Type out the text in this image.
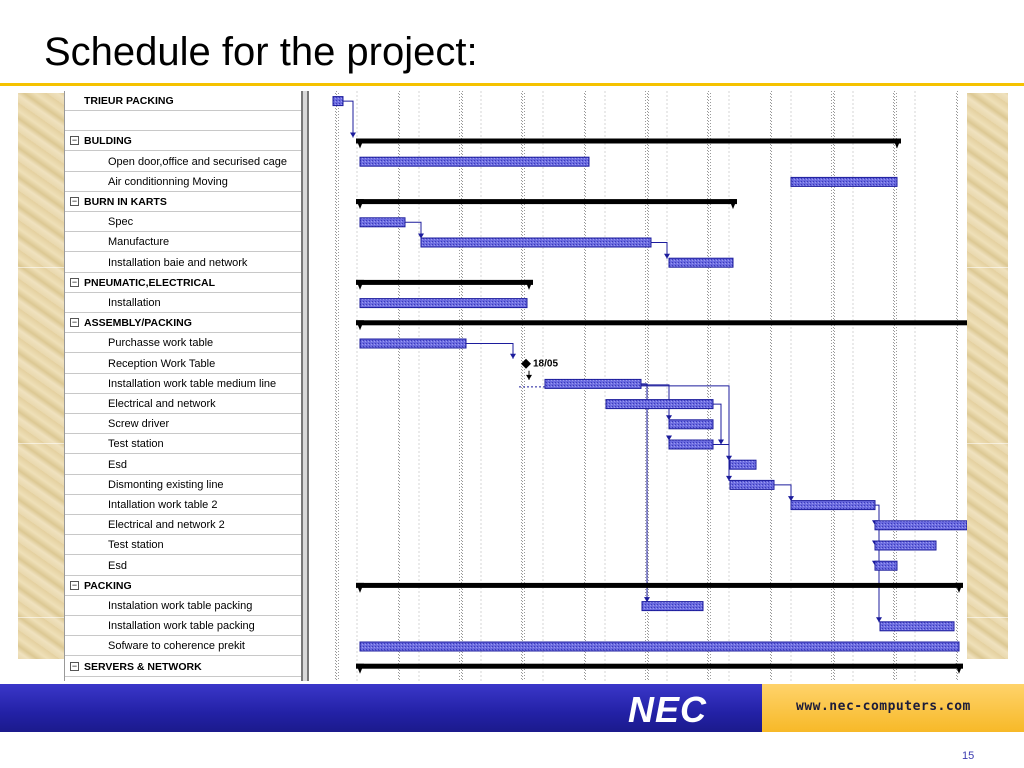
Schedule for the project:
TRIEUR PACKING
− BULDING
Open door,office and securised cage
Air conditionning Moving
− BURN IN KARTS
Spec
Manufacture
Installation baie and network
− PNEUMATIC,ELECTRICAL
Installation
− ASSEMBLY/PACKING
Purchasse work table
Reception Work Table
Installation work table medium line
Electrical and network
Screw driver
Test station
Esd
Dismonting existing line
Intallation work table 2
Electrical and network 2
Test station
Esd
− PACKING
Instalation work table packing
Installation work table packing
Sofware to coherence prekit
− SERVERS & NETWORK
18/05
NEC	www.nec-computers.com
15
